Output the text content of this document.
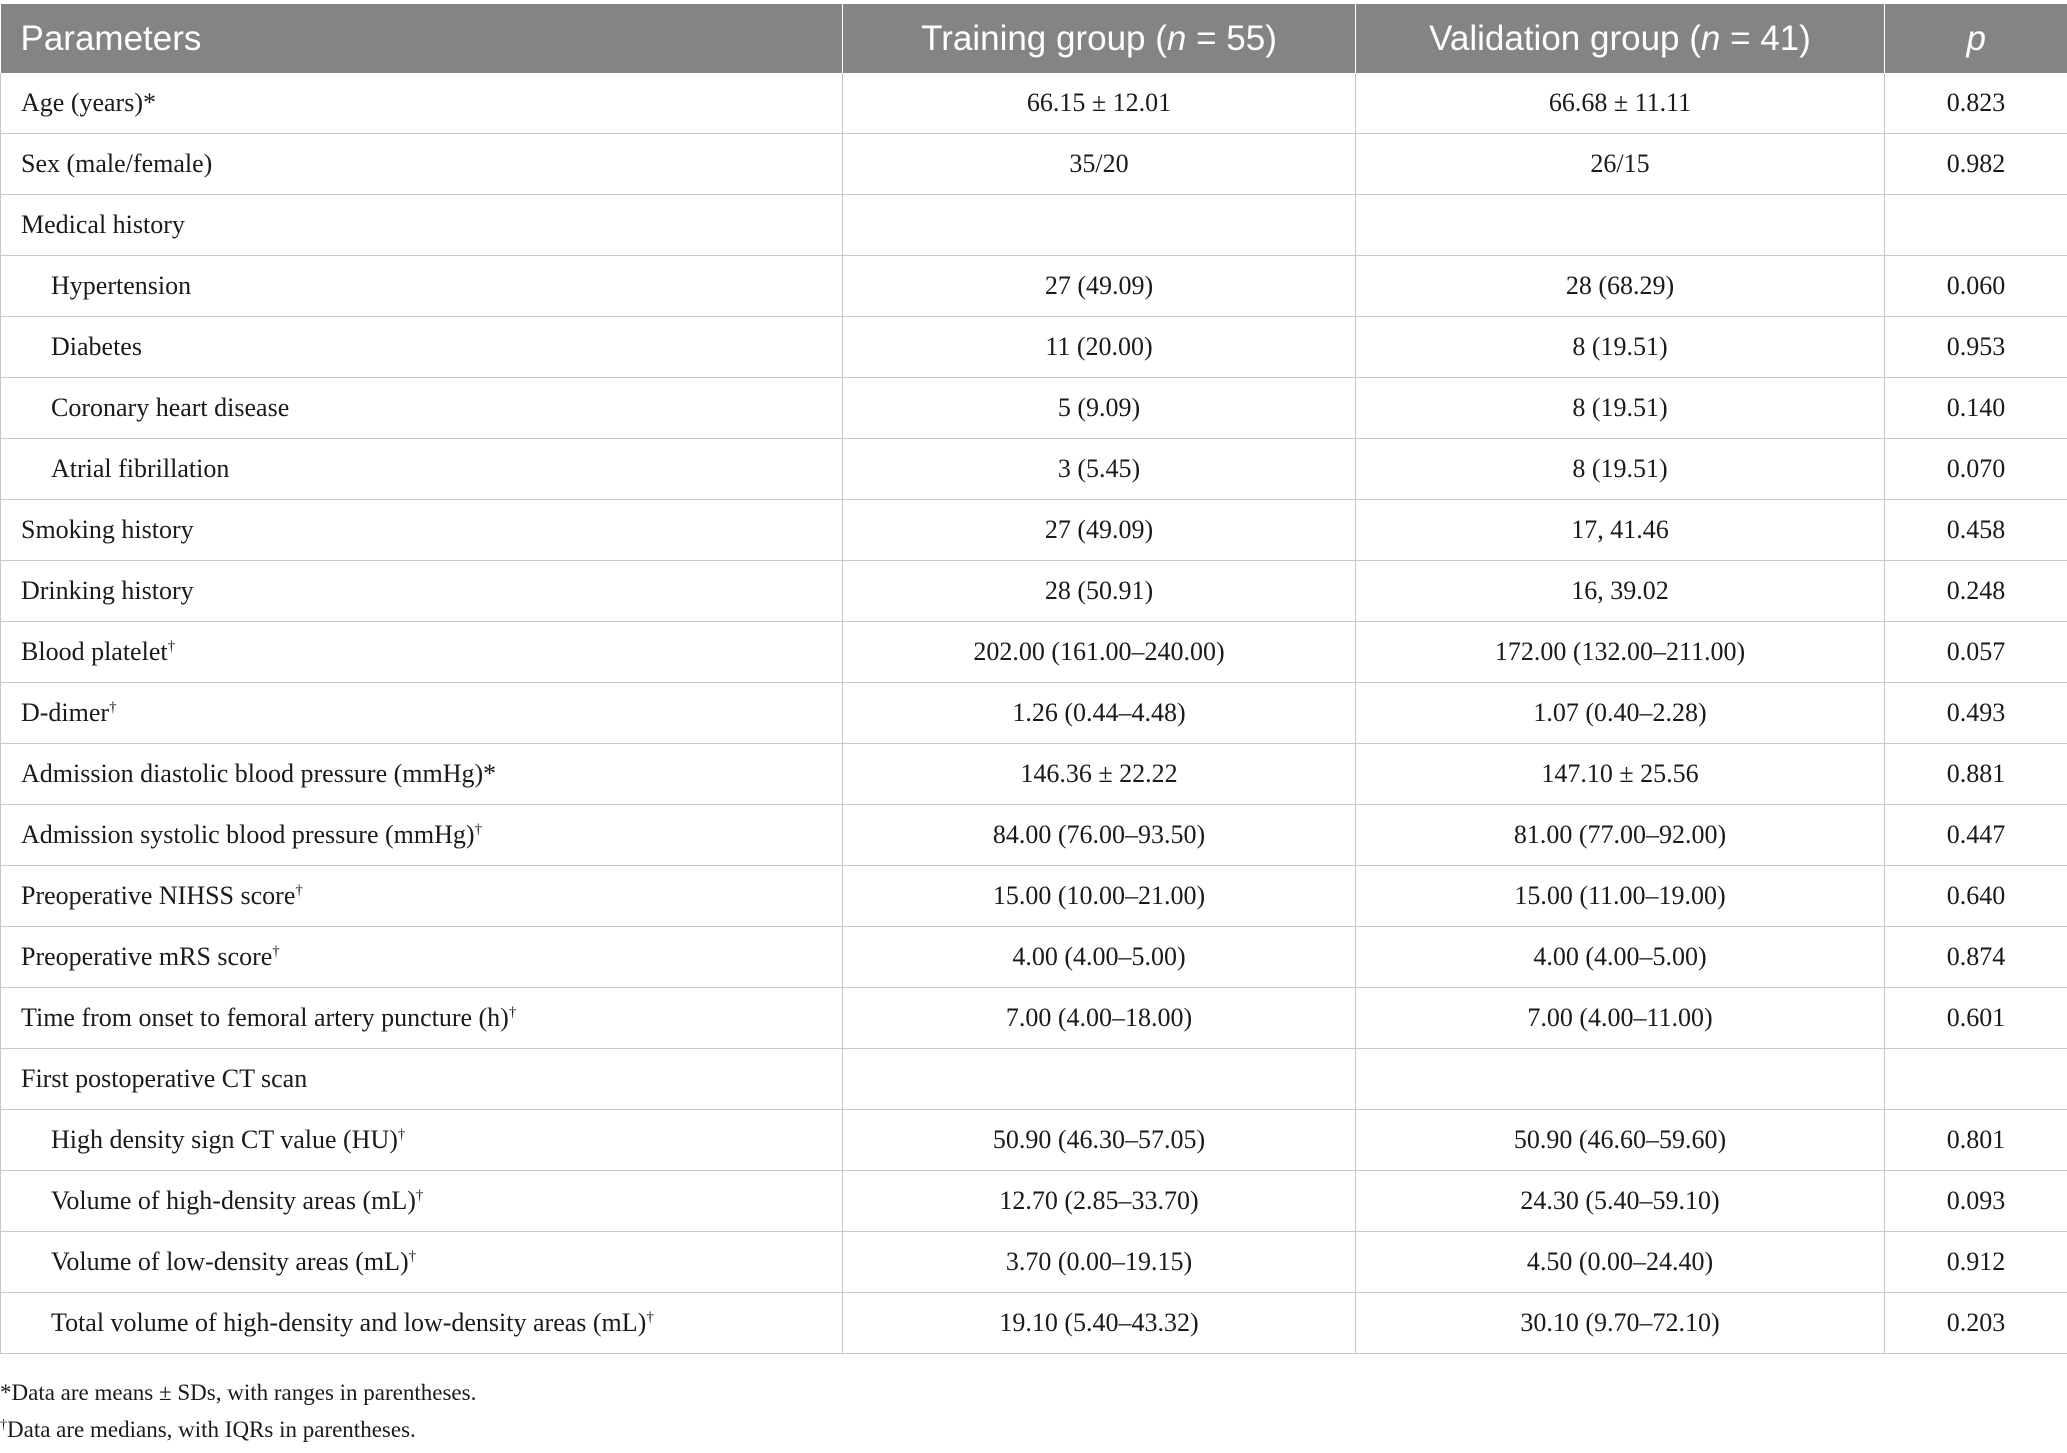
Parameters	Training group (n = 55)	Validation group (n = 41)	p
Age (years)*	66.15 ± 12.01	66.68 ± 11.11	0.823
Sex (male/female)	35/20	26/15	0.982
Medical history			
Hypertension	27 (49.09)	28 (68.29)	0.060
Diabetes	11 (20.00)	8 (19.51)	0.953
Coronary heart disease	5 (9.09)	8 (19.51)	0.140
Atrial fibrillation	3 (5.45)	8 (19.51)	0.070
Smoking history	27 (49.09)	17, 41.46	0.458
Drinking history	28 (50.91)	16, 39.02	0.248
Blood platelet†	202.00 (161.00–240.00)	172.00 (132.00–211.00)	0.057
D-dimer†	1.26 (0.44–4.48)	1.07 (0.40–2.28)	0.493
Admission diastolic blood pressure (mmHg)*	146.36 ± 22.22	147.10 ± 25.56	0.881
Admission systolic blood pressure (mmHg)†	84.00 (76.00–93.50)	81.00 (77.00–92.00)	0.447
Preoperative NIHSS score†	15.00 (10.00–21.00)	15.00 (11.00–19.00)	0.640
Preoperative mRS score†	4.00 (4.00–5.00)	4.00 (4.00–5.00)	0.874
Time from onset to femoral artery puncture (h)†	7.00 (4.00–18.00)	7.00 (4.00–11.00)	0.601
First postoperative CT scan			
High density sign CT value (HU)†	50.90 (46.30–57.05)	50.90 (46.60–59.60)	0.801
Volume of high-density areas (mL)†	12.70 (2.85–33.70)	24.30 (5.40–59.10)	0.093
Volume of low-density areas (mL)†	3.70 (0.00–19.15)	4.50 (0.00–24.40)	0.912
Total volume of high-density and low-density areas (mL)†	19.10 (5.40–43.32)	30.10 (9.70–72.10)	0.203
*Data are means ± SDs, with ranges in parentheses.
†Data are medians, with IQRs in parentheses.
